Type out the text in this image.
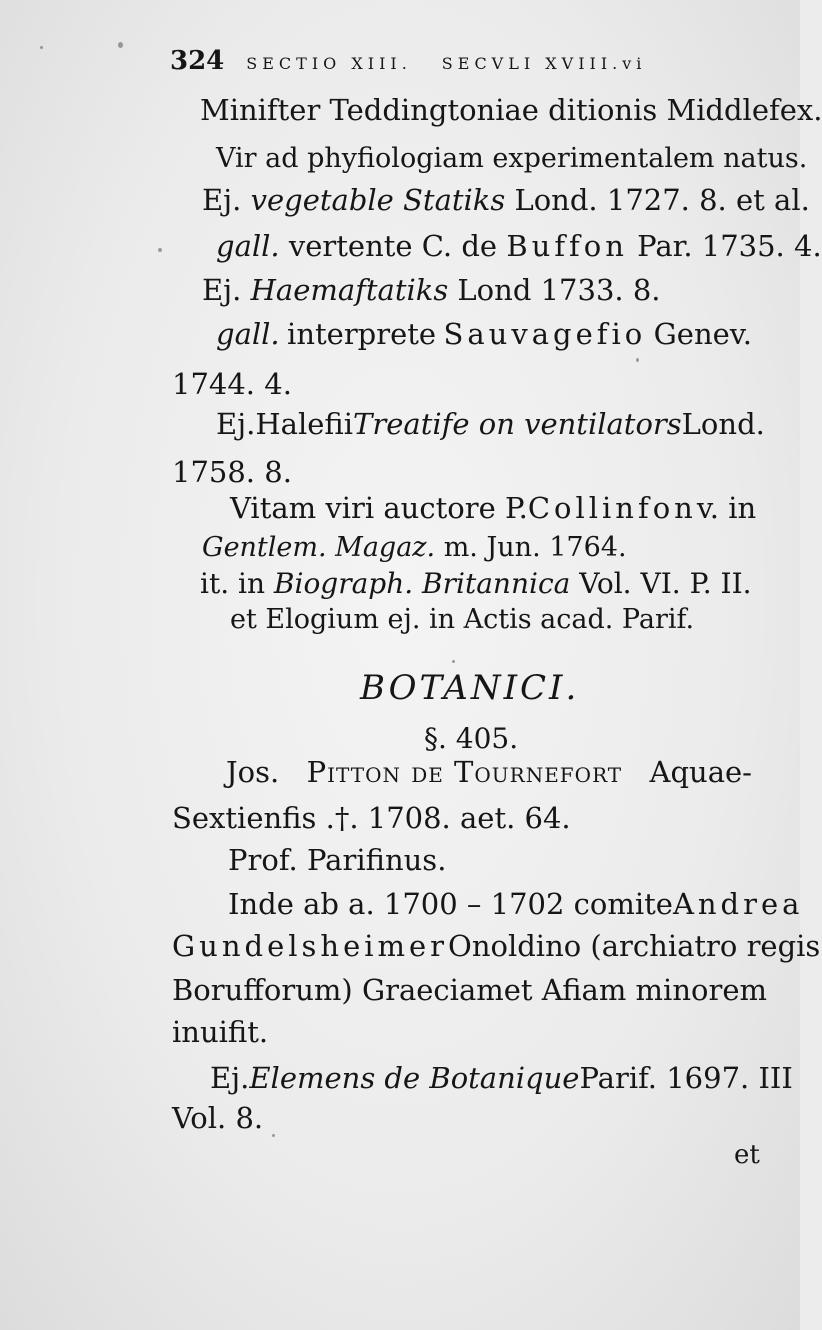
324 SECTIO XIII. SECVLI XVIII.vi
Minifter Teddingtoniae ditionis Middlefex.
Vir ad phyfiologiam experimentalem natus.
Ej. vegetable Statiks Lond. 1727. 8. et al.
gall. vertente C. de Buffon Par. 1735. 4.
Ej. Haemaftatiks Lond 1733. 8.
gall. interprete Sauvagefio Genev.
1744. 4.
Ej. Halefii Treatife on ventilators Lond.
1758. 8.
Vitam viri auctore P. Collinfon v. in
Gentlem. Magaz. m. Jun. 1764.
it. in Biograph. Britannica Vol. VI. P. II.
et Elogium ej. in Actis acad. Parif.
BOTANICI.
§. 405.
Jos. Pitton de Tournefort Aquae-
Sextienfis .†. 1708. aet. 64.
Prof. Parifinus.
Inde ab a. 1700 – 1702 comite Andrea
Gundelsheimer Onoldino (archiatro regis
Borufforum) Graeciam et Afiam minorem
inuifit.
Ej. Elemens de Botanique Parif. 1697. III
Vol. 8.
et
